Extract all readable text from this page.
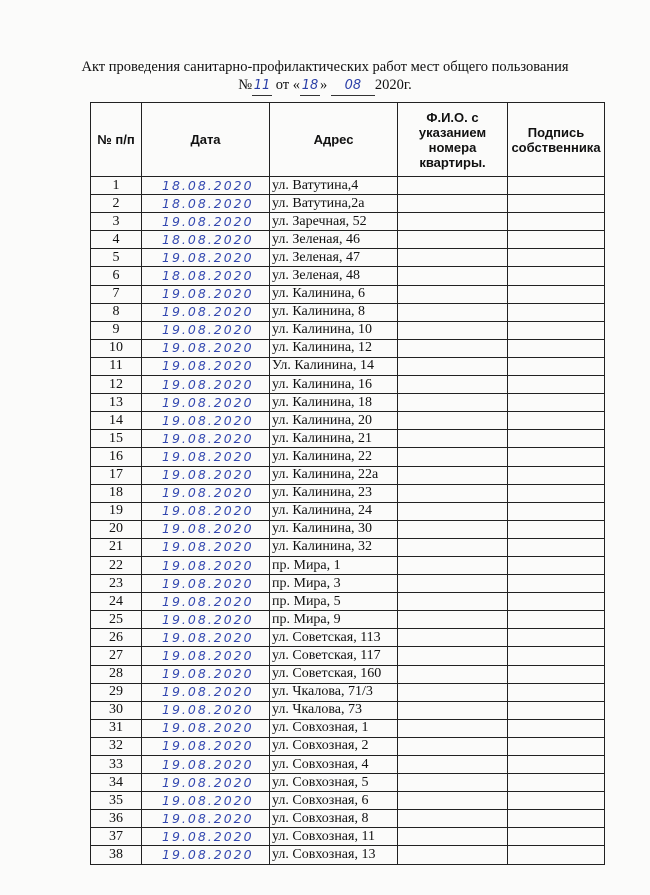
Акт проведения санитарно-профилактических работ мест общего пользования
№ 11 от « 18 » 08 2020г.
№ п/п	Дата	Адрес	Ф.И.О. с указанием номера квартиры.	Подпись собственника
1	18.08.2020	ул. Ватутина,4		
2	18.08.2020	ул. Ватутина,2а		
3	19.08.2020	ул. Заречная, 52		
4	18.08.2020	ул. Зеленая, 46		
5	19.08.2020	ул. Зеленая, 47		
6	18.08.2020	ул. Зеленая, 48		
7	19.08.2020	ул. Калинина, 6		
8	19.08.2020	ул. Калинина, 8		
9	19.08.2020	ул. Калинина, 10		
10	19.08.2020	ул. Калинина, 12		
11	19.08.2020	Ул. Калинина, 14		
12	19.08.2020	ул. Калинина, 16		
13	19.08.2020	ул. Калинина, 18		
14	19.08.2020	ул. Калинина, 20		
15	19.08.2020	ул. Калинина, 21		
16	19.08.2020	ул. Калинина, 22		
17	19.08.2020	ул. Калинина, 22а		
18	19.08.2020	ул. Калинина, 23		
19	19.08.2020	ул. Калинина, 24		
20	19.08.2020	ул. Калинина, 30		
21	19.08.2020	ул. Калинина, 32		
22	19.08.2020	пр. Мира, 1		
23	19.08.2020	пр. Мира, 3		
24	19.08.2020	пр. Мира, 5		
25	19.08.2020	пр. Мира, 9		
26	19.08.2020	ул. Советская, 113		
27	19.08.2020	ул. Советская, 117		
28	19.08.2020	ул. Советская, 160		
29	19.08.2020	ул. Чкалова, 71/3		
30	19.08.2020	ул. Чкалова, 73		
31	19.08.2020	ул. Совхозная, 1		
32	19.08.2020	ул. Совхозная, 2		
33	19.08.2020	ул. Совхозная, 4		
34	19.08.2020	ул. Совхозная, 5		
35	19.08.2020	ул. Совхозная, 6		
36	19.08.2020	ул. Совхозная, 8		
37	19.08.2020	ул. Совхозная, 11		
38	19.08.2020	ул. Совхозная, 13		
